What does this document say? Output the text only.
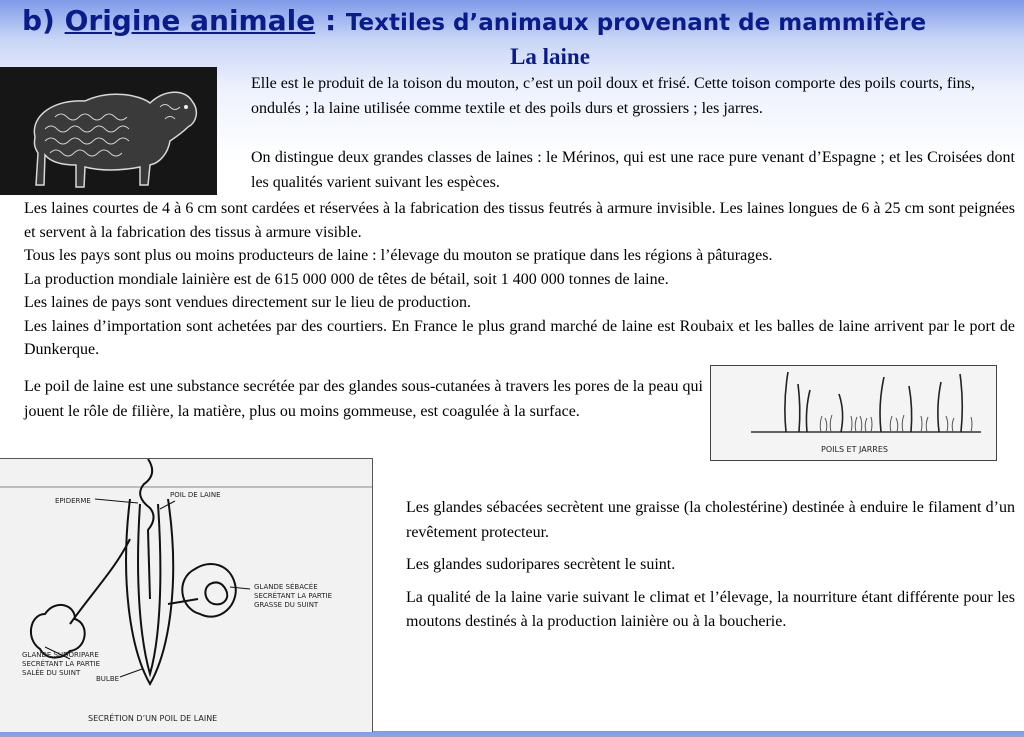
b) Origine animale : Textiles d’animaux provenant de mammifère
La laine

Elle est le produit de la toison du mouton, c’est un poil doux et frisé. Cette toison comporte des poils courts, fins, ondulés ; la laine utilisée comme textile et des poils durs et grossiers ; les jarres.

On distingue deux grandes classes de laines : le Mérinos, qui est une race pure venant d’Espagne ; et les Croisées dont les qualités varient suivant les espèces.

Les laines courtes de 4 à 6 cm sont cardées et réservées à la fabrication des tissus feutrés à armure invisible. Les laines longues de 6 à 25 cm sont peignées et servent à la fabrication des tissus à armure visible.
Tous les pays sont plus ou moins producteurs de laine : l’élevage du mouton se pratique dans les régions à pâturages.
La production mondiale lainière est de 615 000 000 de têtes de bétail, soit 1 400 000 tonnes de laine.
Les laines de pays sont vendues directement sur le lieu de production.
Les laines d’importation sont achetées par des courtiers. En France le plus grand marché de laine est Roubaix et les balles de laine arrivent par le port de Dunkerque.

Le poil de laine est une substance secrétée par des glandes sous-cutanées à travers les pores de la peau qui jouent le rôle de filière, la matière, plus ou moins gommeuse, est coagulée à la surface.

POILS ET JARRES
EPIDERME
POIL DE LAINE
GLANDE SÉBACÉE
SECRÉTANT LA PARTIE
GRASSE DU SUINT
GLANDE SUDORIPARE
SECRÉTANT LA PARTIE
SALÉE DU SUINT
BULBE
SECRÉTION D’UN POIL DE LAINE
Les glandes sébacées secrètent une graisse (la cholestérine) destinée à enduire le filament d’un revêtement protecteur.
Les glandes sudoripares secrètent le suint.
La qualité de la laine varie suivant le climat et l’élevage, la nourriture étant différente pour les moutons destinés à la production lainière ou à la boucherie.
